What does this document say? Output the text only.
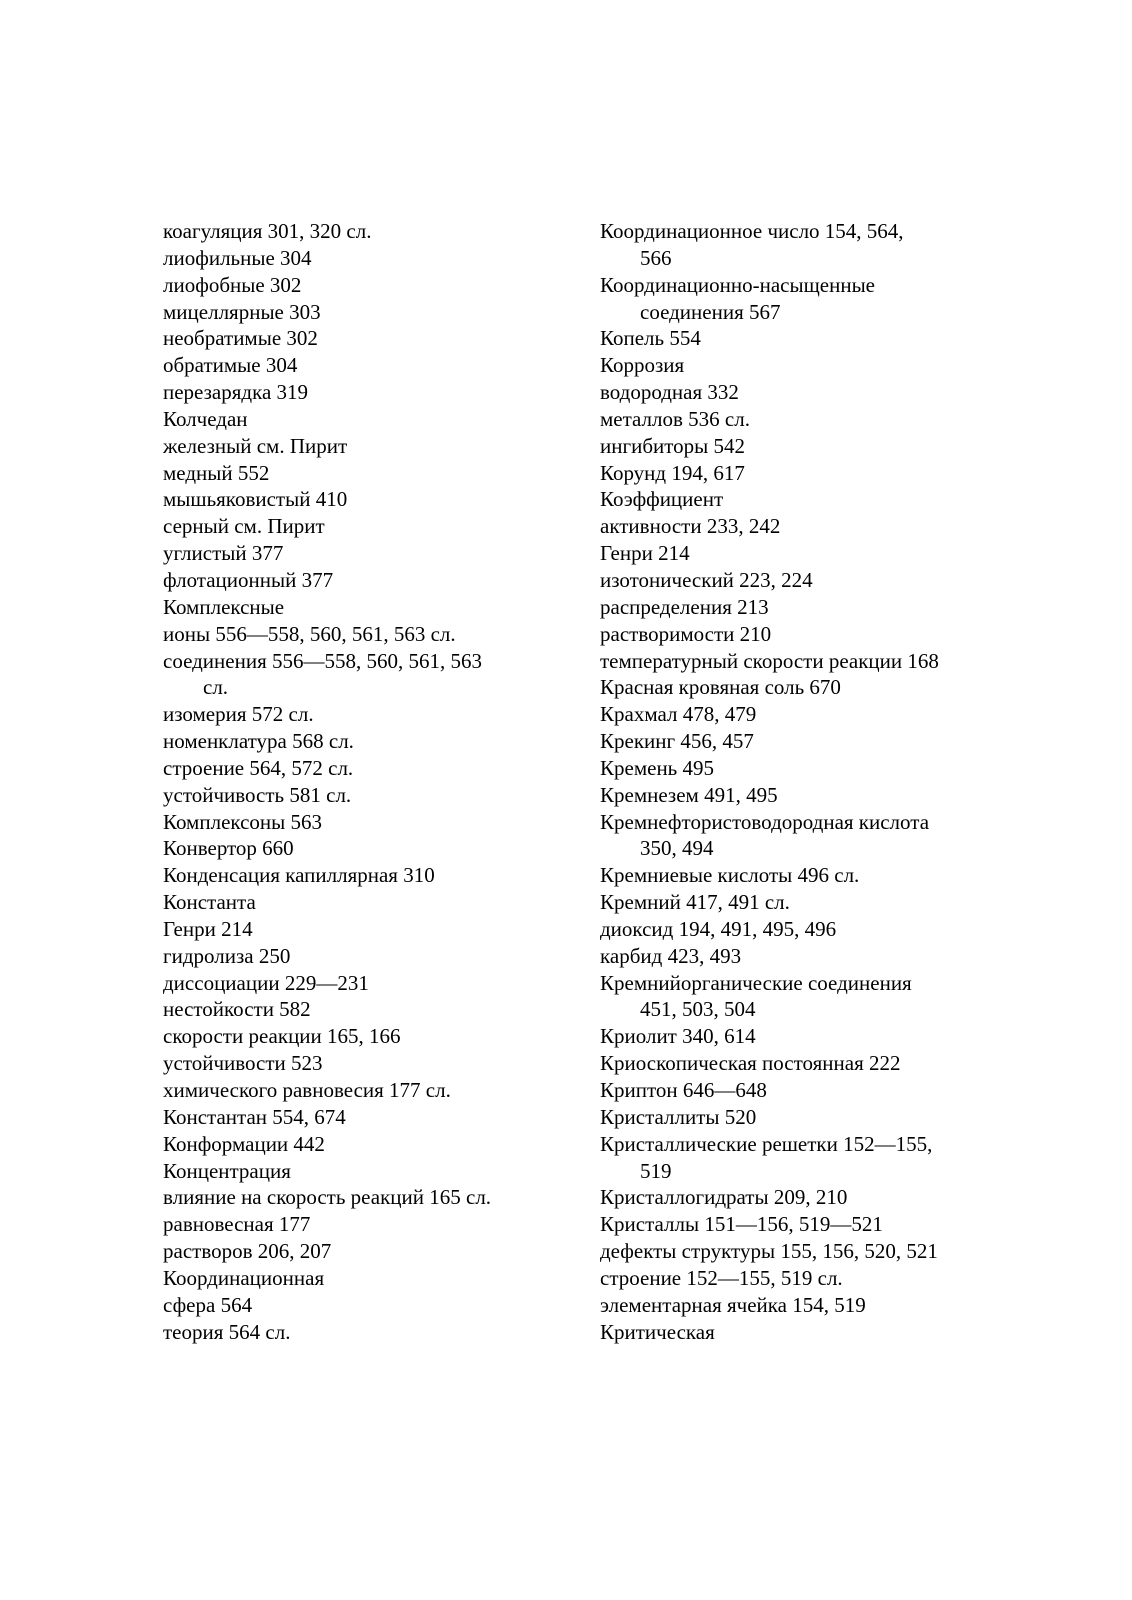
коагуляция 301, 320 сл.
лиофильные 304
лиофобные 302
мицеллярные 303
необратимые 302
обратимые 304
перезарядка 319
Колчедан
железный см. Пирит
медный 552
мышьяковистый 410
серный см. Пирит
углистый 377
флотационный 377
Комплексные
ионы 556—558, 560, 561, 563 сл.
соединения 556—558, 560, 561, 563
сл.
изомерия 572 сл.
номенклатура 568 сл.
строение 564, 572 сл.
устойчивость 581 сл.
Комплексоны 563
Конвертор 660
Конденсация капиллярная 310
Константа
Генри 214
гидролиза 250
диссоциации 229—231
нестойкости 582
скорости реакции 165, 166
устойчивости 523
химического равновесия 177 сл.
Константан 554, 674
Конформации 442
Концентрация
влияние на скорость реакций 165 сл.
равновесная 177
растворов 206, 207
Координационная
сфера 564
теория 564 сл.
Координационное число 154, 564,
566
Координационно-насыщенные
соединения 567
Копель 554
Коррозия
водородная 332
металлов 536 сл.
ингибиторы 542
Корунд 194, 617
Коэффициент
активности 233, 242
Генри 214
изотонический 223, 224
распределения 213
растворимости 210
температурный скорости реакции 168
Красная кровяная соль 670
Крахмал 478, 479
Крекинг 456, 457
Кремень 495
Кремнезем 491, 495
Кремнефтористоводородная кислота
350, 494
Кремниевые кислоты 496 сл.
Кремний 417, 491 сл.
диоксид 194, 491, 495, 496
карбид 423, 493
Кремнийорганические соединения
451, 503, 504
Криолит 340, 614
Криоскопическая постоянная 222
Криптон 646—648
Кристаллиты 520
Кристаллические решетки 152—155,
519
Кристаллогидраты 209, 210
Кристаллы 151—156, 519—521
дефекты структуры 155, 156, 520, 521
строение 152—155, 519 сл.
элементарная ячейка 154, 519
Критическая
